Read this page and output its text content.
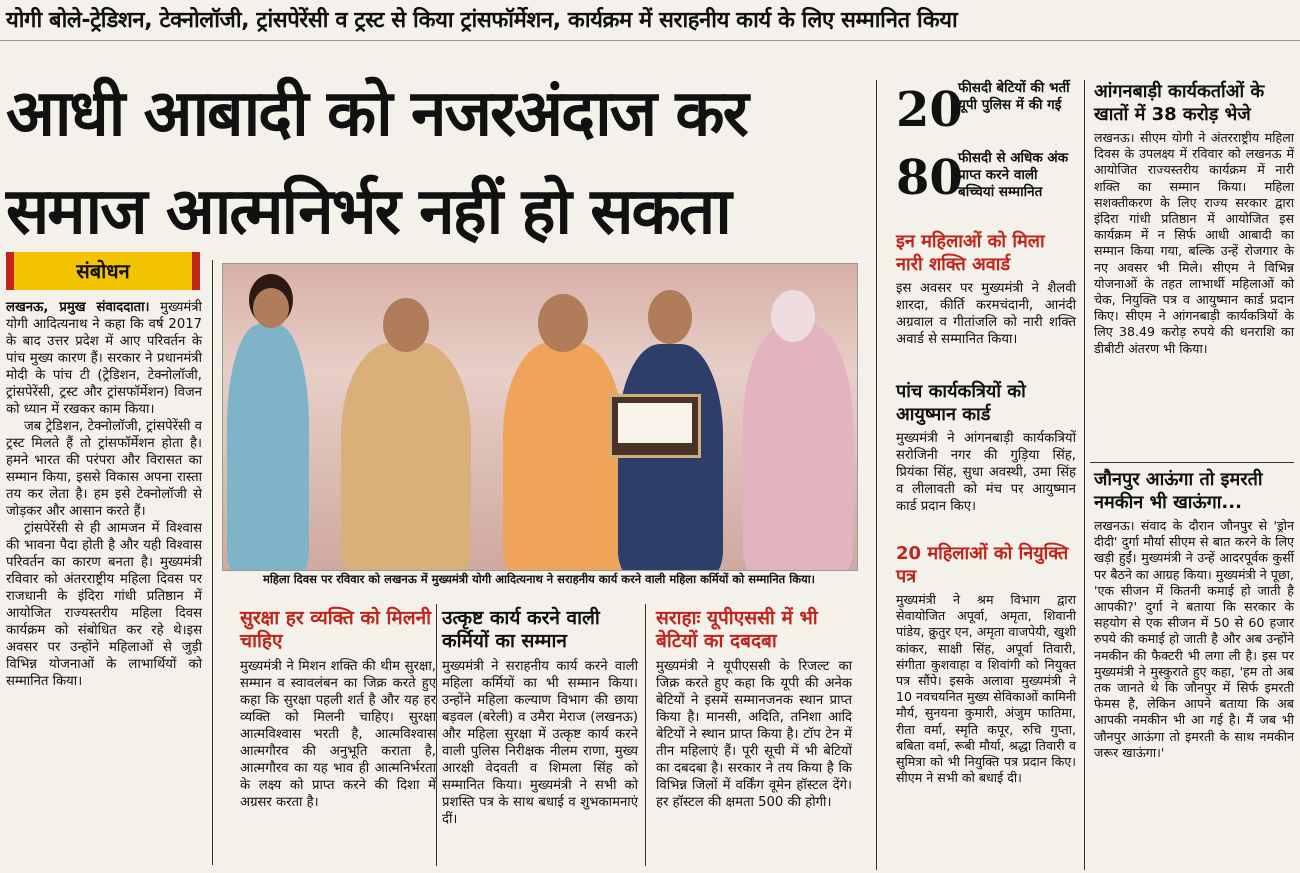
योगी बोले-ट्रेडिशन, टेक्नोलॉजी, ट्रांसपेरेंसी व ट्रस्ट से किया ट्रांसफॉर्मेशन, कार्यक्रम में सराहनीय कार्य के लिए सम्मानित किया
आधी आबादी को नजरअंदाज कर
समाज आत्मनिर्भर नहीं हो सकता
संबोधन

लखनऊ, प्रमुख संवाददाता। मुख्यमंत्री योगी आदित्यनाथ ने कहा कि वर्ष 2017 के बाद उत्तर प्रदेश में आए परिवर्तन के पांच मुख्य कारण हैं। सरकार ने प्रधानमंत्री मोदी के पांच टी (ट्रेडिशन, टेक्नोलॉजी, ट्रांसपेरेंसी, ट्रस्ट और ट्रांसफॉर्मेशन) विजन को ध्यान में रखकर काम किया।

जब ट्रेडिशन, टेक्नोलॉजी, ट्रांसपेरेंसी व ट्रस्ट मिलते हैं तो ट्रांसफॉर्मेशन होता है।हमने भारत की परंपरा और विरासत का सम्मान किया, इससे विकास अपना रास्ता तय कर लेता है। हम इसे टेक्नोलॉजी से जोड़कर और आसान करते हैं।

ट्रांसपेरेंसी से ही आमजन में विश्वास की भावना पैदा होती है और यही विश्वास परिवर्तन का कारण बनता है। मुख्यमंत्री रविवार को अंतरराष्ट्रीय महिला दिवस पर राजधानी के इंदिरा गांधी प्रतिष्ठान में आयोजित राज्यस्तरीय महिला दिवस कार्यक्रम को संबोधित कर रहे थे।इस अवसर पर उन्होंने महिलाओं से जुड़ी विभिन्न योजनाओं के लाभार्थियों को सम्मानित किया।

महिला दिवस पर रविवार को लखनऊ में मुख्यमंत्री योगी आदित्यनाथ ने सराहनीय कार्य करने वाली महिला कर्मियों को सम्मानित किया।
सुरक्षा हर व्यक्ति को मिलनी चाहिए
मुख्यमंत्री ने मिशन शक्ति की थीम सुरक्षा, सम्मान व स्वावलंबन का जिक्र करते हुए कहा कि सुरक्षा पहली शर्त है और यह हर व्यक्ति को मिलनी चाहिए। सुरक्षा आत्मविश्वास भरती है, आत्मविश्वास आत्मगौरव की अनुभूति कराता है, आत्मगौरव का यह भाव ही आत्मनिर्भरता के लक्ष्य को प्राप्त करने की दिशा में अग्रसर करता है।
उत्कृष्ट कार्य करने वाली कर्मियों का सम्मान
मुख्यमंत्री ने सराहनीय कार्य करने वाली महिला कर्मियों का भी सम्मान किया। उन्होंने महिला कल्याण विभाग की छाया बड़वल (बरेली) व उमैरा मेराज (लखनऊ) और महिला सुरक्षा में उत्कृष्ट कार्य करने वाली पुलिस निरीक्षक नीलम राणा, मुख्य आरक्षी वेदवती व शिमला सिंह को सम्मानित किया। मुख्यमंत्री ने सभी को प्रशस्ति पत्र के साथ बधाई व शुभकामनाएं दीं।
सराहाः यूपीएससी में भी बेटियों का दबदबा
मुख्यमंत्री ने यूपीएससी के रिजल्ट का जिक्र करते हुए कहा कि यूपी की अनेक बेटियों ने इसमें सम्मानजनक स्थान प्राप्त किया है। मानसी, अदिति, तनिशा आदि बेटियों ने स्थान प्राप्त किया है। टॉप टेन में तीन महिलाएं हैं। पूरी सूची में भी बेटियों का दबदबा है। सरकार ने तय किया है कि विभिन्न जिलों में वर्किंग वूमेन हॉस्टल देंगे। हर हॉस्टल की क्षमता 500 की होगी।
20
फीसदी बेटियों की भर्ती यूपी पुलिस में की गई
80
फीसदी से अधिक अंक प्राप्त करने वाली बच्चियां सम्मानित
इन महिलाओं को मिला नारी शक्ति अवार्ड
इस अवसर पर मुख्यमंत्री ने शैलवी शारदा, कीर्ति करमचंदानी, आनंदी अग्रवाल व गीतांजलि को नारी शक्ति अवार्ड से सम्मानित किया।
पांच कार्यकत्रियों को आयुष्मान कार्ड
मुख्यमंत्री ने आंगनबाड़ी कार्यकत्रियों सरोजिनी नगर की गुड़िया सिंह, प्रियंका सिंह, सुधा अवस्थी, उमा सिंह व लीलावती को मंच पर आयुष्मान कार्ड प्रदान किए।
20 महिलाओं को नियुक्ति पत्र
मुख्यमंत्री ने श्रम विभाग द्वारा सेवायोजित अपूर्वा, अमृता, शिवानी पांडेय, क्रुतुर एन, अमृता वाजपेयी, खुशी कांकर, साक्षी सिंह, अपूर्वा तिवारी, संगीता कुशवाहा व शिवांगी को नियुक्त पत्र सौंपे। इसके अलावा मुख्यमंत्री ने 10 नवचयनित मुख्य सेविकाओं कामिनी मौर्य, सुनयना कुमारी, अंजुम फातिमा, रीता वर्मा, स्मृति कपूर, रुचि गुप्ता, बबिता वर्मा, रूबी मौर्या, श्रद्धा तिवारी व सुमित्रा को भी नियुक्ति पत्र प्रदान किए। सीएम ने सभी को बधाई दी।
आंगनबाड़ी कार्यकर्ताओं के खातों में 38 करोड़ भेजे
लखनऊ। सीएम योगी ने अंतरराष्ट्रीय महिला दिवस के उपलक्ष्य में रविवार को लखनऊ में आयोजित राज्यस्तरीय कार्यक्रम में नारी शक्ति का सम्मान किया। महिला सशक्तीकरण के लिए राज्य सरकार द्वारा इंदिरा गांधी प्रतिष्ठान में आयोजित इस कार्यक्रम में न सिर्फ आधी आबादी का सम्मान किया गया, बल्कि उन्हें रोजगार के नए अवसर भी मिले। सीएम ने विभिन्न योजनाओं के तहत लाभार्थी महिलाओं को चेक, नियुक्ति पत्र व आयुष्मान कार्ड प्रदान किए। सीएम ने आंगनबाड़ी कार्यकत्रियों के लिए 38.49 करोड़ रुपये की धनराशि का डीबीटी अंतरण भी किया।
जौनपुर आऊंगा तो इमरती नमकीन भी खाऊंगा...
लखनऊ। संवाद के दौरान जौनपुर से 'ड्रोन दीदी' दुर्गा मौर्या सीएम से बात करने के लिए खड़ी हुईं। मुख्यमंत्री ने उन्हें आदरपूर्वक कुर्सी पर बैठने का आग्रह किया। मुख्यमंत्री ने पूछा, 'एक सीजन में कितनी कमाई हो जाती है आपकी?' दुर्गा ने बताया कि सरकार के सहयोग से एक सीजन में 50 से 60 हजार रुपये की कमाई हो जाती है और अब उन्होंने नमकीन की फैक्टरी भी लगा ली है। इस पर मुख्यमंत्री ने मुस्कुराते हुए कहा, 'हम तो अब तक जानते थे कि जौनपुर में सिर्फ इमरती फेमस है, लेकिन आपने बताया कि अब आपकी नमकीन भी आ गई है। मैं जब भी जौनपुर आऊंगा तो इमरती के साथ नमकीन जरूर खाऊंगा।'
